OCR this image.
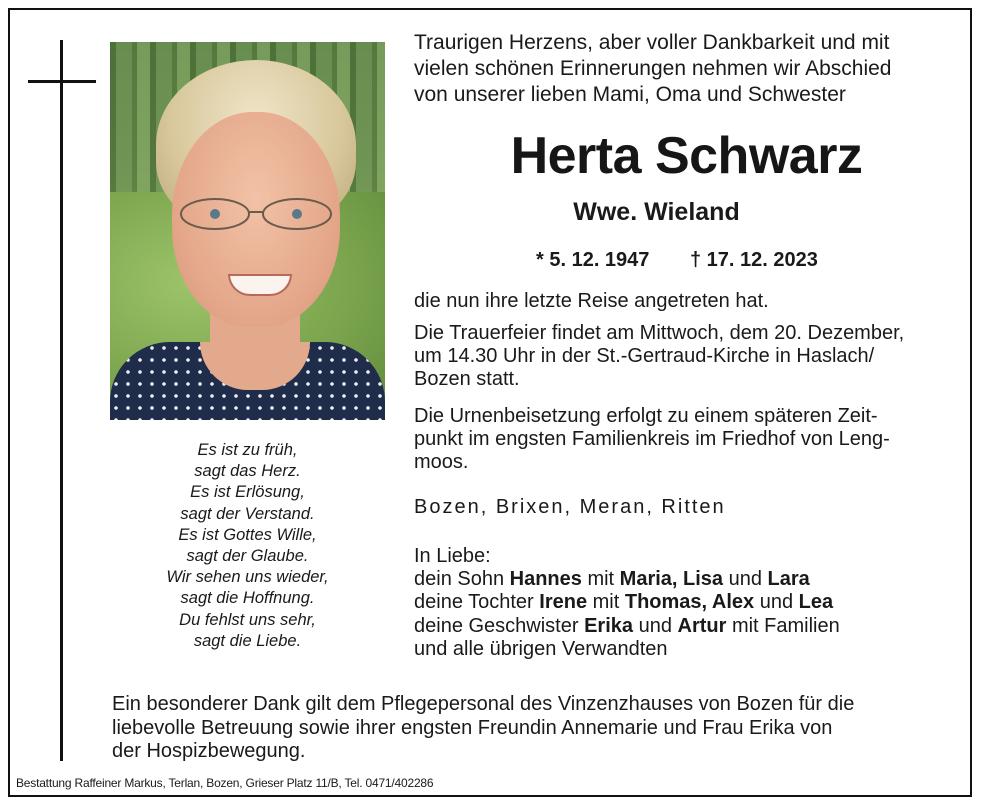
Es ist zu früh,
sagt das Herz.
Es ist Erlösung,
sagt der Verstand.
Es ist Gottes Wille,
sagt der Glaube.
Wir sehen uns wieder,
sagt die Hoffnung.
Du fehlst uns sehr,
sagt die Liebe.
Traurigen Herzens, aber voller Dankbarkeit und mit
vielen schönen Erinnerungen nehmen wir Abschied
von unserer lieben Mami, Oma und Schwester
Herta Schwarz
Wwe. Wieland
* 5. 12. 1947 † 17. 12. 2023
die nun ihre letzte Reise angetreten hat.
Die Trauerfeier findet am Mittwoch, dem 20. Dezember,
um 14.30 Uhr in der St.-Gertraud-Kirche in Haslach/
Bozen statt.
Die Urnenbeisetzung erfolgt zu einem späteren Zeit-
punkt im engsten Familienkreis im Friedhof von Leng-
moos.
Bozen, Brixen, Meran, Ritten
In Liebe:
dein Sohn Hannes mit Maria, Lisa und Lara
deine Tochter Irene mit Thomas, Alex und Lea
deine Geschwister Erika und Artur mit Familien
und alle übrigen Verwandten
Ein besonderer Dank gilt dem Pflegepersonal des Vinzenzhauses von Bozen für die
liebevolle Betreuung sowie ihrer engsten Freundin Annemarie und Frau Erika von
der Hospizbewegung.
Bestattung Raffeiner Markus, Terlan, Bozen, Grieser Platz 11/B, Tel. 0471/402286
